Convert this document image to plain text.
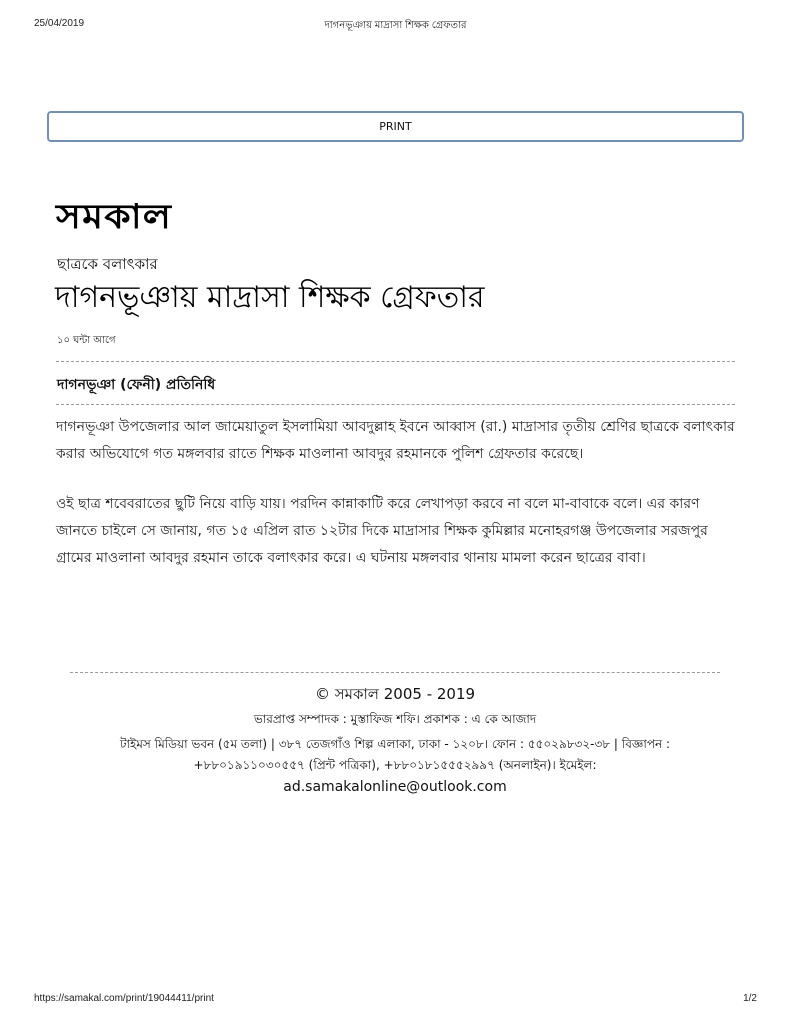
25/04/2019	দাগনভূঞায় মাদ্রাসা শিক্ষক গ্রেফতার
PRINT
সমকাল
ছাত্রকে বলাৎকার
দাগনভূঞায় মাদ্রাসা শিক্ষক গ্রেফতার
১০ ঘন্টা আগে
দাগনভূঞা (ফেনী) প্রতিনিধি

দাগনভূঞা উপজেলার আল জামেয়াতুল ইসলামিয়া আবদুল্লাহ ইবনে আব্বাস (রা.) মাদ্রাসার তৃতীয় শ্রেণির ছাত্রকে বলাৎকার করার অভিযোগে গত মঙ্গলবার রাতে শিক্ষক মাওলানা আবদুর রহমানকে পুলিশ গ্রেফতার করেছে।

ওই ছাত্র শবেবরাতের ছুটি নিয়ে বাড়ি যায়। পরদিন কান্নাকাটি করে লেখাপড়া করবে না বলে মা-বাবাকে বলে। এর কারণ জানতে চাইলে সে জানায়, গত ১৫ এপ্রিল রাত ১২টার দিকে মাদ্রাসার শিক্ষক কুমিল্লার মনোহরগঞ্জ উপজেলার সরজপুর গ্রামের মাওলানা আবদুর রহমান তাকে বলাৎকার করে। এ ঘটনায় মঙ্গলবার থানায় মামলা করেন ছাত্রের বাবা।

© সমকাল 2005 - 2019
ভারপ্রাপ্ত সম্পাদক : মুস্তাফিজ শফি। প্রকাশক : এ কে আজাদ
টাইমস মিডিয়া ভবন (৫ম তলা) | ৩৮৭ তেজগাঁও শিল্প এলাকা, ঢাকা - ১২০৮। ফোন : ৫৫০২৯৮৩২-৩৮ | বিজ্ঞাপন : +৮৮০১৯১১০৩০৫৫৭ (প্রিন্ট পত্রিকা), +৮৮০১৮১৫৫৫২৯৯৭ (অনলাইন)। ইমেইল:
ad.samakalonline@outlook.com
https://samakal.com/print/19044411/print	1/2
